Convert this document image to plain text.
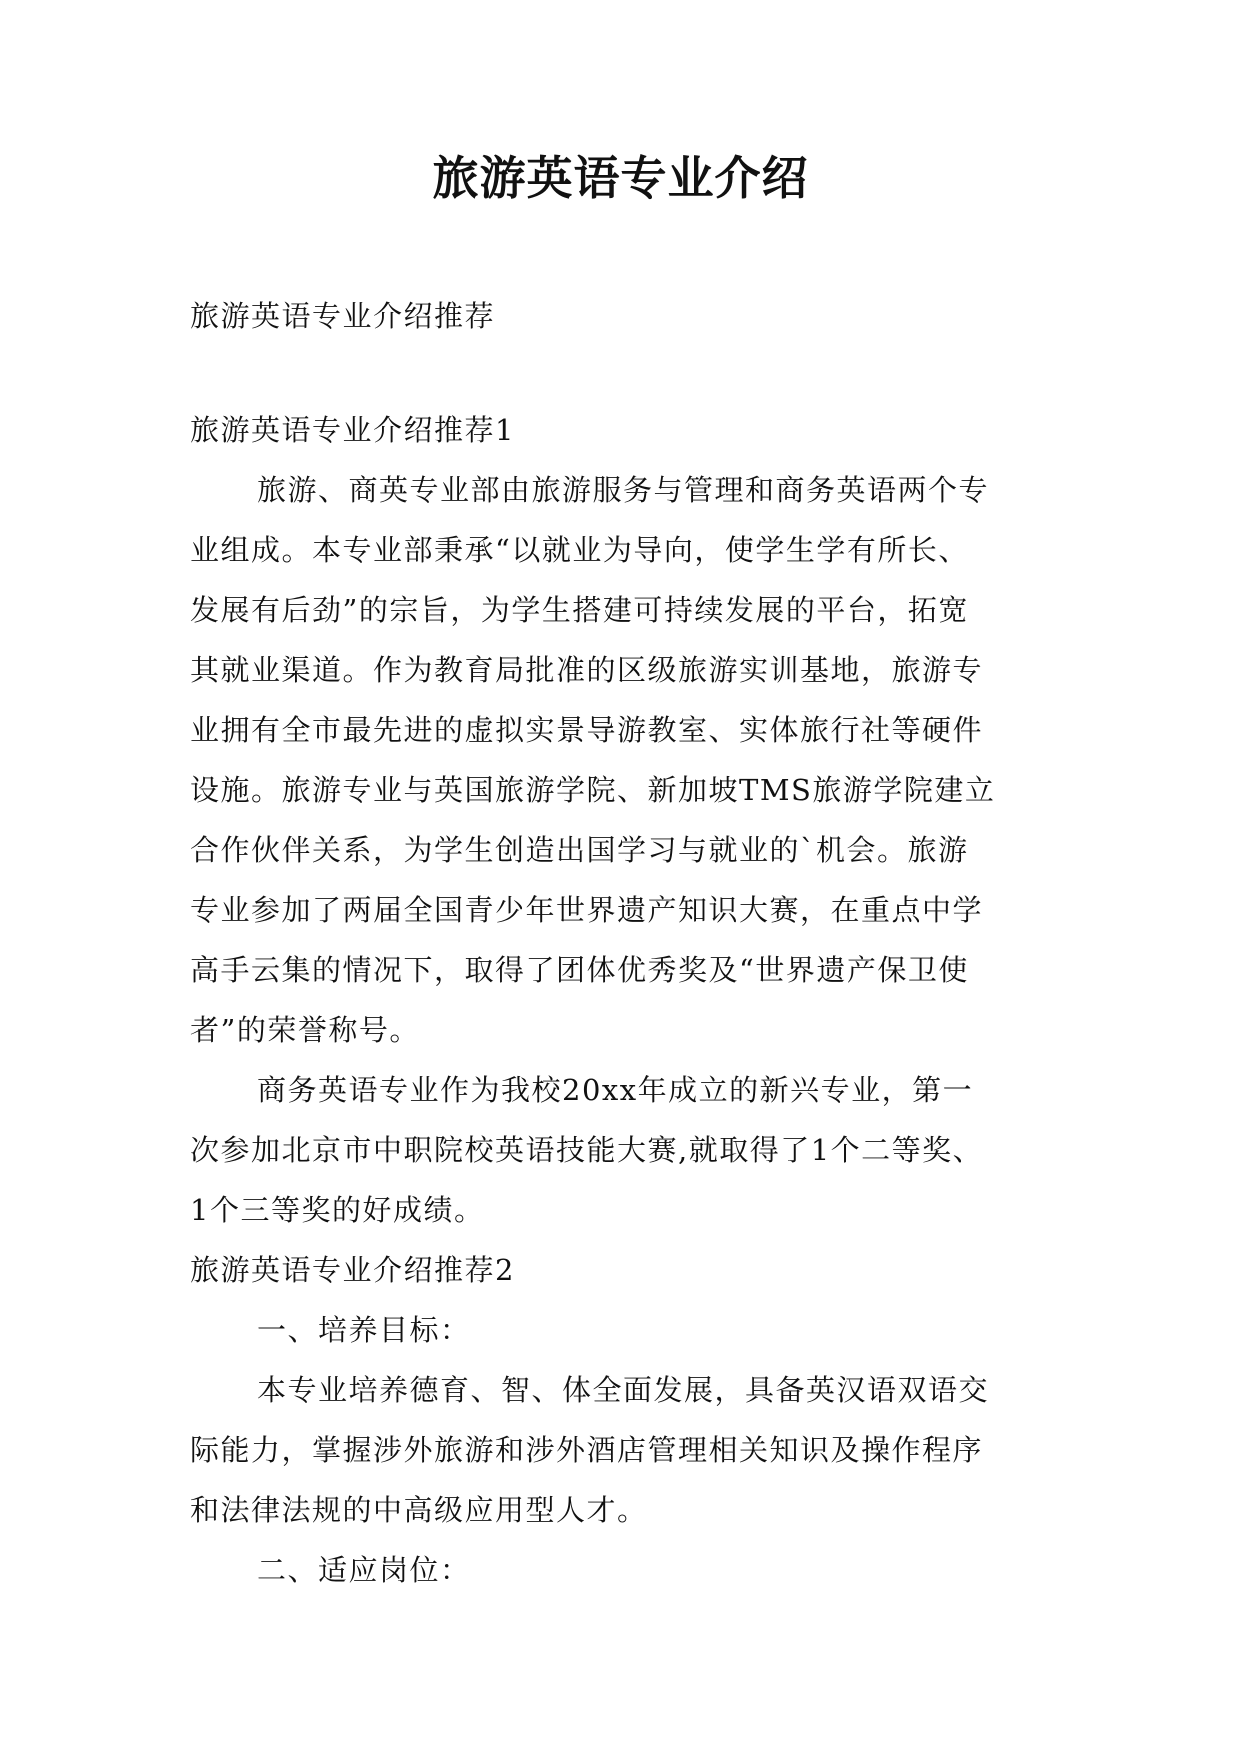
旅游英语专业介绍
旅游英语专业介绍推荐
旅游英语专业介绍推荐1
旅游、商英专业部由旅游服务与管理和商务英语两个专
业组成。本专业部秉承“以就业为导向，使学生学有所长、
发展有后劲”的宗旨，为学生搭建可持续发展的平台，拓宽
其就业渠道。作为教育局批准的区级旅游实训基地，旅游专
业拥有全市最先进的虚拟实景导游教室、实体旅行社等硬件
设施。旅游专业与英国旅游学院、新加坡TMS旅游学院建立
合作伙伴关系，为学生创造出国学习与就业的`机会。旅游
专业参加了两届全国青少年世界遗产知识大赛，在重点中学
高手云集的情况下，取得了团体优秀奖及“世界遗产保卫使
者”的荣誉称号。
商务英语专业作为我校20xx年成立的新兴专业，第一
次参加北京市中职院校英语技能大赛,就取得了1个二等奖、
1个三等奖的好成绩。
旅游英语专业介绍推荐2
一、培养目标：
本专业培养德育、智、体全面发展，具备英汉语双语交
际能力，掌握涉外旅游和涉外酒店管理相关知识及操作程序
和法律法规的中高级应用型人才。
二、适应岗位：
